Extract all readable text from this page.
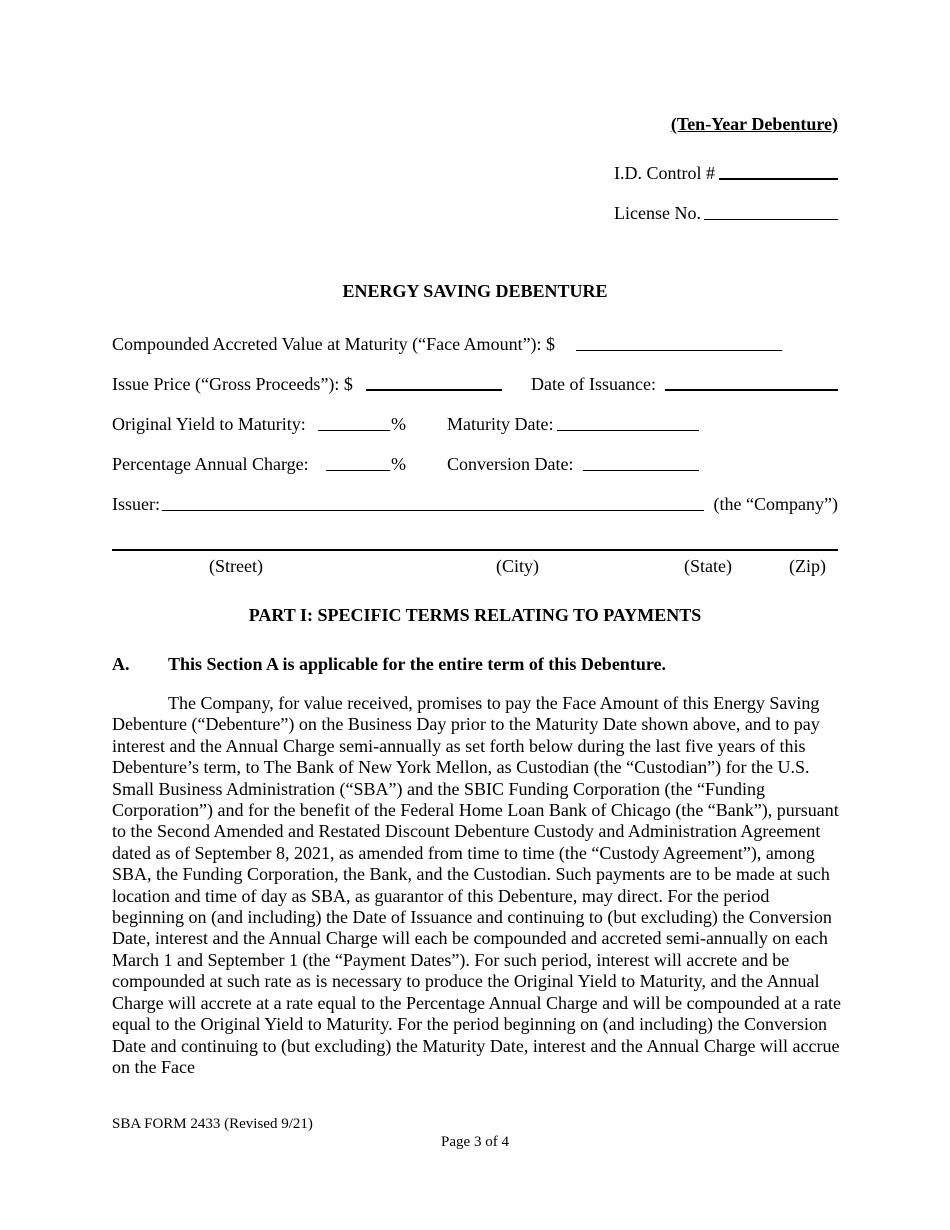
(Ten-Year Debenture)
I.D. Control #
License No.
ENERGY SAVING DEBENTURE
Compounded Accreted Value at Maturity (“Face Amount”): $
Issue Price (“Gross Proceeds”): $	Date of Issuance:
Original Yield to Maturity:	% Maturity Date:
Percentage Annual Charge:	% Conversion Date:
Issuer:	(the “Company”)
(Street)	(City)	(State)	(Zip)
PART I: SPECIFIC TERMS RELATING TO PAYMENTS
A. This Section A is applicable for the entire term of this Debenture.
The Company, for value received, promises to pay the Face Amount of this Energy Saving Debenture (“Debenture”) on the Business Day prior to the Maturity Date shown above, and to pay interest and the Annual Charge semi-annually as set forth below during the last five years of this Debenture’s term, to The Bank of New York Mellon, as Custodian (the “Custodian”) for the U.S. Small Business Administration (“SBA”) and the SBIC Funding Corporation (the “Funding Corporation”) and for the benefit of the Federal Home Loan Bank of Chicago (the “Bank”), pursuant to the Second Amended and Restated Discount Debenture Custody and Administration Agreement dated as of September 8, 2021, as amended from time to time (the “Custody Agreement”), among SBA, the Funding Corporation, the Bank, and the Custodian. Such payments are to be made at such location and time of day as SBA, as guarantor of this Debenture, may direct. For the period beginning on (and including) the Date of Issuance and continuing to (but excluding) the Conversion Date, interest and the Annual Charge will each be compounded and accreted semi-annually on each March 1 and September 1 (the “Payment Dates”). For such period, interest will accrete and be compounded at such rate as is necessary to produce the Original Yield to Maturity, and the Annual Charge will accrete at a rate equal to the Percentage Annual Charge and will be compounded at a rate equal to the Original Yield to Maturity. For the period beginning on (and including) the Conversion Date and continuing to (but excluding) the Maturity Date, interest and the Annual Charge will accrue on the Face
SBA FORM 2433 (Revised 9/21)
Page 3 of 4
